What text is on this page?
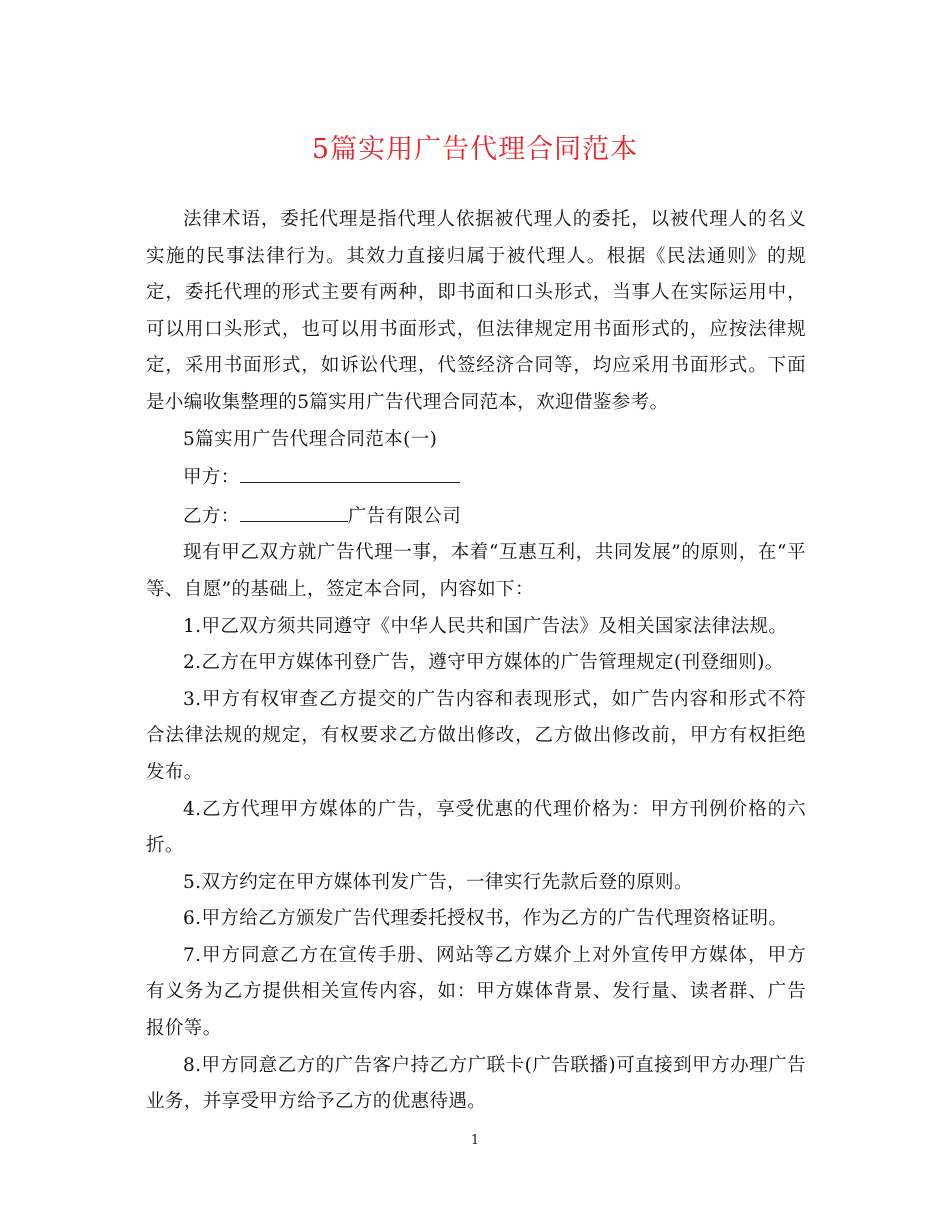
5篇实用广告代理合同范本

法律术语，委托代理是指代理人依据被代理人的委托，以被代理人的名义实施的民事法律行为。其效力直接归属于被代理人。根据《民法通则》的规定，委托代理的形式主要有两种，即书面和口头形式，当事人在实际运用中，可以用口头形式，也可以用书面形式，但法律规定用书面形式的，应按法律规定，采用书面形式，如诉讼代理，代签经济合同等，均应采用书面形式。下面是小编收集整理的5篇实用广告代理合同范本，欢迎借鉴参考。

5篇实用广告代理合同范本(一)

甲方：

乙方：	广告有限公司

现有甲乙双方就广告代理一事，本着“互惠互利，共同发展”的原则，在“平等、自愿”的基础上，签定本合同，内容如下：

1.甲乙双方须共同遵守《中华人民共和国广告法》及相关国家法律法规。

2.乙方在甲方媒体刊登广告，遵守甲方媒体的广告管理规定(刊登细则)。

3.甲方有权审查乙方提交的广告内容和表现形式，如广告内容和形式不符合法律法规的规定，有权要求乙方做出修改，乙方做出修改前，甲方有权拒绝发布。

4.乙方代理甲方媒体的广告，享受优惠的代理价格为：甲方刊例价格的六折。

5.双方约定在甲方媒体刊发广告，一律实行先款后登的原则。

6.甲方给乙方颁发广告代理委托授权书，作为乙方的广告代理资格证明。

7.甲方同意乙方在宣传手册、网站等乙方媒介上对外宣传甲方媒体，甲方有义务为乙方提供相关宣传内容，如：甲方媒体背景、发行量、读者群、广告报价等。

8.甲方同意乙方的广告客户持乙方广联卡(广告联播)可直接到甲方办理广告业务，并享受甲方给予乙方的优惠待遇。

1
